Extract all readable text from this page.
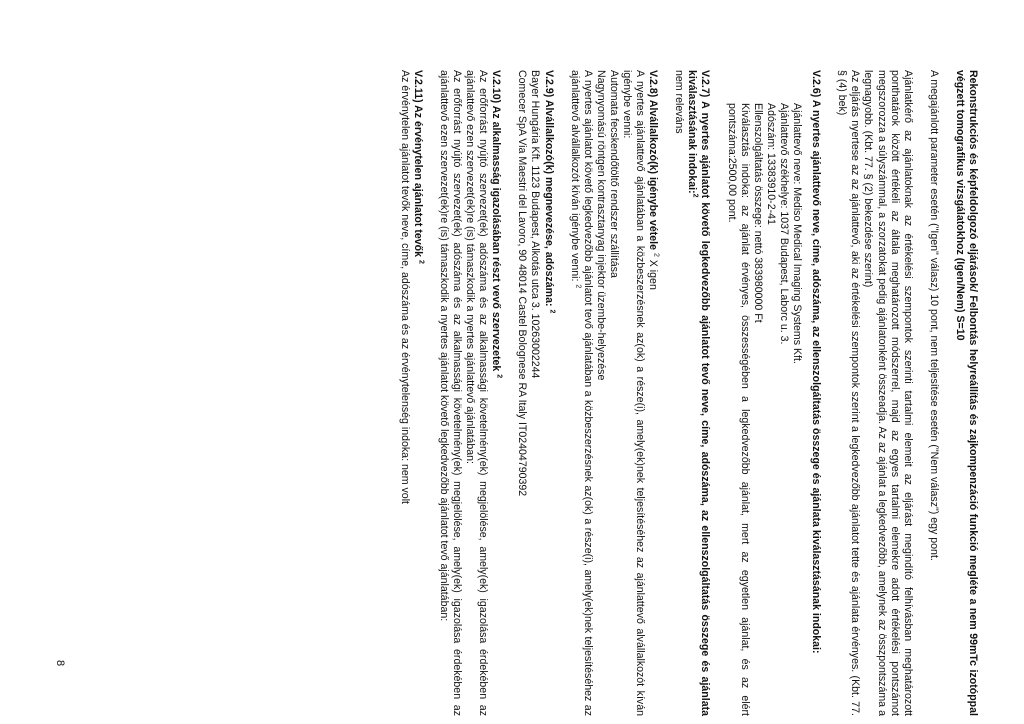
Rekonstrukciós és képfeldolgozó eljárások/ Felbontás helyreállítás és zajkompenzáció funkció megléte a nem 99mTc izotóppal végzett tomografikus vizsgálatokhoz (Igen/Nem) S=10

A megajánlott parameter esetén ("Igen" válasz) 10 pont, nem teljesítése esetén ("Nem válasz") egy pont.

Ajánlatkérő az ajánlatoknak az értékelési szempontok szerinti tartalmi elemeit az eljárást megindító felhívásban meghatározott ponthatárok között értékeli az általa meghatározott módszerrel, majd az egyes tartalmi elemekre adott értékelési pontszámot megszorozza a súlyszámmal, a szorzatokat pedig ajánlatonként összeadja. Az az ajánlat a legkedvezőbb, amelynek az összpontszáma a legnagyobb. (Kbt. 77. § (2) bekezdése szerint)

Az eljárás nyertese az az ajánlattevő, aki az értékelési szempontok szerint a legkedvezőbb ajánlatot tette és ajánlata érvényes. (Kbt. 77. § (4) bek)

V.2.6) A nyertes ajánlattevő neve, címe, adószáma, az ellenszolgáltatás összege és ajánlata kiválasztásának indokai:

Ajánlattevő neve: Mediso Medical Imaging Systems Kft.

Ajánlattevő székhelye: 1037 Budapest, Laborc u. 3.

Adószám: 13383910-2-41

Ellenszolgáltatás összege: nettó 383980000 Ft

Kiválasztás indoka: az ajánlat érvényes, összességében a legkedvezőbb ajánlat, mert az egyetlen ajánlat, és az elért pontszáma:2500,00 pont.

V.2.7) A nyertes ajánlatot követő legkedvezőbb ajánlatot tevő neve, címe, adószáma, az ellenszolgáltatás összege és ajánlata kiválasztásának indokai:$^2$

nem releváns

V.2.8) Alvállalkozó(k) igénybe vétele $^2$ X igen

A nyertes ajánlattevő ajánlatában a közbeszerzésnek az(ok) a része(i), amely(ek)nek teljesítéséhez az ajánlattevő alvállalkozót kíván igénybe venni:

Automata fecskendőtöltő rendszer szállítása

Nagynyomású röntgen kontrasztanyag injektor üzembe-helyezése

A nyertes ajánlatot követő legkedvezőbb ajánlatot tevő ajánlatában a közbeszerzésnek az(ok) a része(i), amely(ek)nek teljesítéséhez az ajánlattevő alvállalkozót kíván igénybe venni: $^2$

V.2.9) Alvállalkozó(k) megnevezése, adószáma: $^2$

Bayer Hungária Kft. 1123 Budapest, Alkotás utca 3. 10263002244

Comecer SpA Via Maestri del Lavoro, 90 48014 Castel Bolognese RA Italy IT02404790392

V.2.10) Az alkalmasság igazolásában részt vevő szervezetek $^2$

Az erőforrást nyújtó szervezet(ek) adószáma és az alkalmassági követelmény(ek) megjelölése, amely(ek) igazolása érdekében az ajánlattevő ezen szervezet(ek)re (is) támaszkodik a nyertes ajánlattevő ajánlatában:

Az erőforrást nyújtó szervezet(ek) adószáma és az alkalmassági követelmény(ek) megjelölése, amely(ek) igazolása érdekében az ajánlattevő ezen szervezet(ek)re (is) támaszkodik a nyertes ajánlatot követő legkedvezőbb ajánlatot tevő ajánlatában:

V.2.11) Az érvénytelen ajánlatot tevők $^2$

Az érvénytelen ajánlatot tevők neve, címe, adószáma és az érvénytelenség indoka: nem volt

8
